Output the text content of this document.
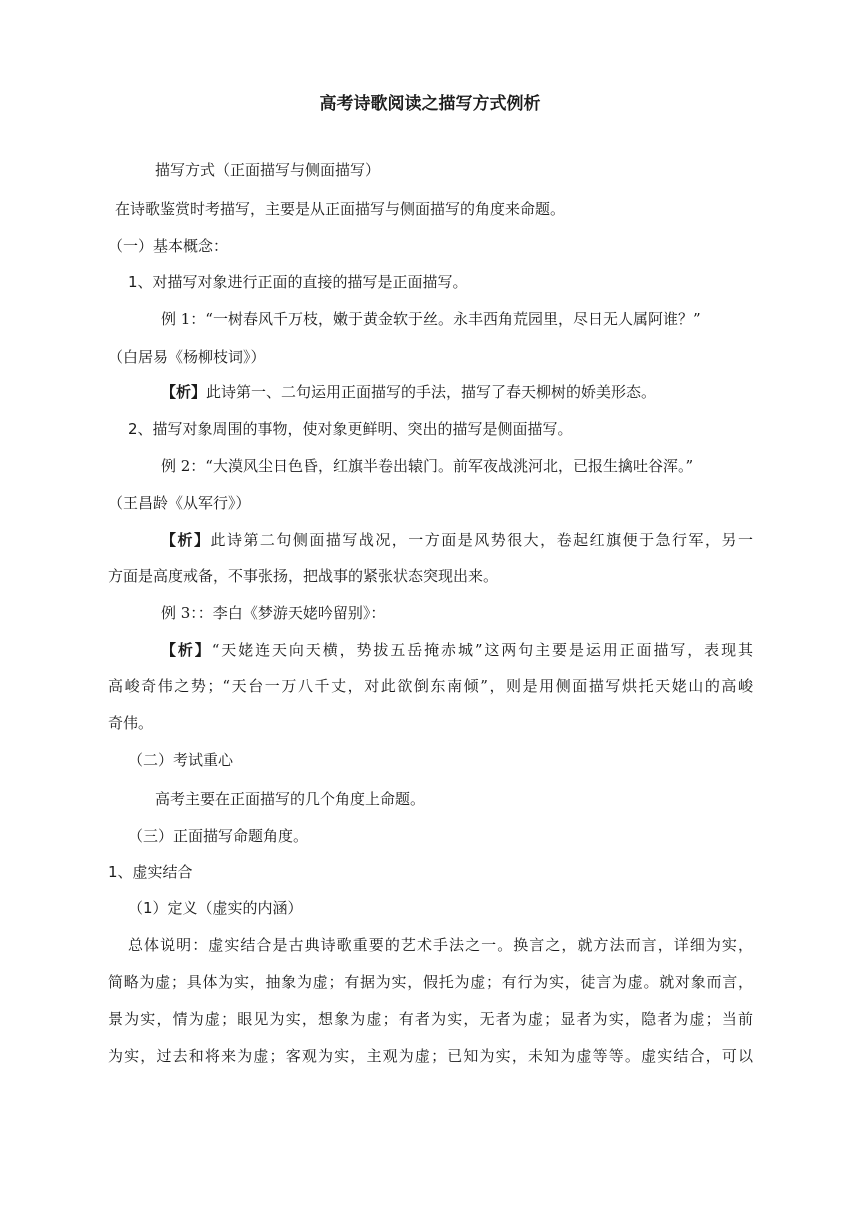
高考诗歌阅读之描写方式例析
描写方式（正面描写与侧面描写）
在诗歌鉴赏时考描写，主要是从正面描写与侧面描写的角度来命题。
（一）基本概念：
1、对描写对象进行正面的直接的描写是正面描写。
例 1：“一树春风千万枝，嫩于黄金软于丝。永丰西角荒园里，尽日无人属阿谁？”
（白居易《杨柳枝词》）
【析】此诗第一、二句运用正面描写的手法，描写了春天柳树的娇美形态。
2、描写对象周围的事物，使对象更鲜明、突出的描写是侧面描写。
例 2：“大漠风尘日色昏，红旗半卷出辕门。前军夜战洮河北，已报生擒吐谷浑。”
（王昌龄《从军行》）
【析】此诗第二句侧面描写战况，一方面是风势很大，卷起红旗便于急行军，另一
方面是高度戒备，不事张扬，把战事的紧张状态突现出来。
例 3：：李白《梦游天姥吟留别》：
【析】“天姥连天向天横，势拔五岳掩赤城”这两句主要是运用正面描写，表现其
高峻奇伟之势；“天台一万八千丈，对此欲倒东南倾”，则是用侧面描写烘托天姥山的高峻
奇伟。
（二）考试重心
高考主要在正面描写的几个角度上命题。
（三）正面描写命题角度。
1、虚实结合
（1）定义（虚实的内涵）
总体说明：虚实结合是古典诗歌重要的艺术手法之一。换言之，就方法而言，详细为实，
简略为虚；具体为实，抽象为虚；有据为实，假托为虚；有行为实，徒言为虚。就对象而言，
景为实，情为虚；眼见为实，想象为虚；有者为实，无者为虚；显者为实，隐者为虚；当前
为实，过去和将来为虚；客观为实，主观为虚；已知为实，未知为虚等等。虚实结合，可以
